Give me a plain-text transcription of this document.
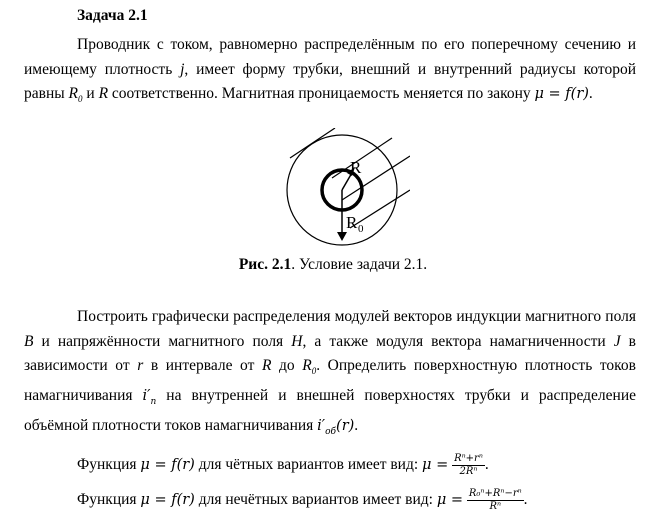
Задача 2.1
Проводник с током, равномерно распределённым по его поперечному сечению и имеющему плотность j, имеет форму трубки, внешний и внутренний радиусы которой равны $R_0$ и R соответственно. Магнитная проницаемость меняется по закону μ = f(r).
R
R 0
Рис. 2.1. Условие задачи 2.1.
Построить графически распределения модулей векторов индукции магнитного поля B и напряжённости магнитного поля H, а также модуля вектора намагниченности J в зависимости от r в интервале от R до $R_0$. Определить поверхностную плотность токов намагничивания $i'_п$ на внутренней и внешней поверхностях трубки и распределение объёмной плотности токов намагничивания $i'_{об}(r)$.
Функция μ = f(r) для чётных вариантов имеет вид: $\mu = \frac{\text{Rⁿ+rⁿ}}{\text{2Rⁿ}}$ .
Функция μ = f(r) для нечётных вариантов имеет вид: $\mu = \frac{\text{R₀ⁿ+Rⁿ−rⁿ}}{\text{Rⁿ}}$ .
